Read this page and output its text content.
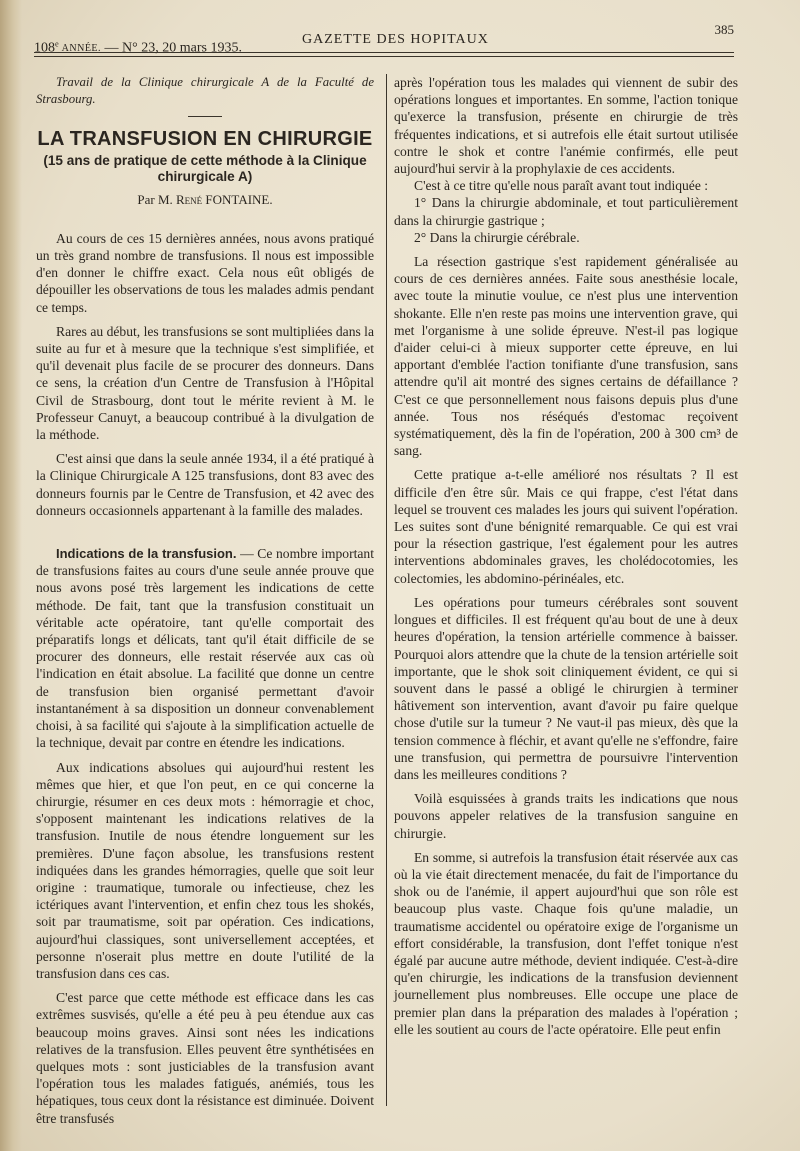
108e ANNÉE. — N° 23, 20 mars 1935.
GAZETTE DES HOPITAUX
385

Travail de la Clinique chirurgicale A de la Faculté de Strasbourg.

LA TRANSFUSION EN CHIRURGIE
(15 ans de pratique de cette méthode à la Clinique chirurgicale A)
Par M. René FONTAINE.

Au cours de ces 15 dernières années, nous avons pratiqué un très grand nombre de transfusions. Il nous est impossible d'en donner le chiffre exact. Cela nous eût obligés de dépouiller les observations de tous les malades admis pendant ce temps.

Rares au début, les transfusions se sont multipliées dans la suite au fur et à mesure que la technique s'est simplifiée, et qu'il devenait plus facile de se procurer des donneurs. Dans ce sens, la création d'un Centre de Transfusion à l'Hôpital Civil de Strasbourg, dont tout le mérite revient à M. le Professeur Canuyt, a beaucoup contribué à la divulgation de la méthode.

C'est ainsi que dans la seule année 1934, il a été pratiqué à la Clinique Chirurgicale A 125 transfusions, dont 83 avec des donneurs fournis par le Centre de Transfusion, et 42 avec des donneurs occasionnels appartenant à la famille des malades.

Indications de la transfusion. — Ce nombre important de transfusions faites au cours d'une seule année prouve que nous avons posé très largement les indications de cette méthode. De fait, tant que la transfusion constituait un véritable acte opératoire, tant qu'elle comportait des préparatifs longs et délicats, tant qu'il était difficile de se procurer des donneurs, elle restait réservée aux cas où l'indication en était absolue. La facilité que donne un centre de transfusion bien organisé permettant d'avoir instantanément à sa disposition un donneur convenablement choisi, à sa facilité qui s'ajoute à la simplification actuelle de la technique, devait par contre en étendre les indications.

Aux indications absolues qui aujourd'hui restent les mêmes que hier, et que l'on peut, en ce qui concerne la chirurgie, résumer en ces deux mots : hémorragie et choc, s'opposent maintenant les indications relatives de la transfusion. Inutile de nous étendre longuement sur les premières. D'une façon absolue, les transfusions restent indiquées dans les grandes hémorragies, quelle que soit leur origine : traumatique, tumorale ou infectieuse, chez les ictériques avant l'intervention, et enfin chez tous les shokés, soit par traumatisme, soit par opération. Ces indications, aujourd'hui classiques, sont universellement acceptées, et personne n'oserait plus mettre en doute l'utilité de la transfusion dans ces cas.

C'est parce que cette méthode est efficace dans les cas extrêmes susvisés, qu'elle a été peu à peu étendue aux cas beaucoup moins graves. Ainsi sont nées les indications relatives de la transfusion. Elles peuvent être synthétisées en quelques mots : sont justiciables de la transfusion avant l'opération tous les malades fatigués, anémiés, tous les hépatiques, tous ceux dont la résistance est diminuée. Doivent être transfusés

après l'opération tous les malades qui viennent de subir des opérations longues et importantes. En somme, l'action tonique qu'exerce la transfusion, présente en chirurgie de très fréquentes indications, et si autrefois elle était surtout utilisée contre le shok et contre l'anémie confirmés, elle peut aujourd'hui servir à la prophylaxie de ces accidents.

C'est à ce titre qu'elle nous paraît avant tout indiquée :

1° Dans la chirurgie abdominale, et tout particulièrement dans la chirurgie gastrique ;

2° Dans la chirurgie cérébrale.

La résection gastrique s'est rapidement généralisée au cours de ces dernières années. Faite sous anesthésie locale, avec toute la minutie voulue, ce n'est plus une intervention shokante. Elle n'en reste pas moins une intervention grave, qui met l'organisme à une solide épreuve. N'est-il pas logique d'aider celui-ci à mieux supporter cette épreuve, en lui apportant d'emblée l'action tonifiante d'une transfusion, sans attendre qu'il ait montré des signes certains de défaillance ? C'est ce que personnellement nous faisons depuis plus d'une année. Tous nos réséqués d'estomac reçoivent systématiquement, dès la fin de l'opération, 200 à 300 cm³ de sang.

Cette pratique a-t-elle amélioré nos résultats ? Il est difficile d'en être sûr. Mais ce qui frappe, c'est l'état dans lequel se trouvent ces malades les jours qui suivent l'opération. Les suites sont d'une bénignité remarquable. Ce qui est vrai pour la résection gastrique, l'est également pour les autres interventions abdominales graves, les cholédocotomies, les colectomies, les abdomino-périnéales, etc.

Les opérations pour tumeurs cérébrales sont souvent longues et difficiles. Il est fréquent qu'au bout de une à deux heures d'opération, la tension artérielle commence à baisser. Pourquoi alors attendre que la chute de la tension artérielle soit importante, que le shok soit cliniquement évident, ce qui si souvent dans le passé a obligé le chirurgien à terminer hâtivement son intervention, avant d'avoir pu faire quelque chose d'utile sur la tumeur ? Ne vaut-il pas mieux, dès que la tension commence à fléchir, et avant qu'elle ne s'effondre, faire une transfusion, qui permettra de poursuivre l'intervention dans les meilleures conditions ?

Voilà esquissées à grands traits les indications que nous pouvons appeler relatives de la transfusion sanguine en chirurgie.

En somme, si autrefois la transfusion était réservée aux cas où la vie était directement menacée, du fait de l'importance du shok ou de l'anémie, il appert aujourd'hui que son rôle est beaucoup plus vaste. Chaque fois qu'une maladie, un traumatisme accidentel ou opératoire exige de l'organisme un effort considérable, la transfusion, dont l'effet tonique n'est égalé par aucune autre méthode, devient indiquée. C'est-à-dire qu'en chirurgie, les indications de la transfusion deviennent journellement plus nombreuses. Elle occupe une place de premier plan dans la préparation des malades à l'opération ; elle les soutient au cours de l'acte opératoire. Elle peut enfin
